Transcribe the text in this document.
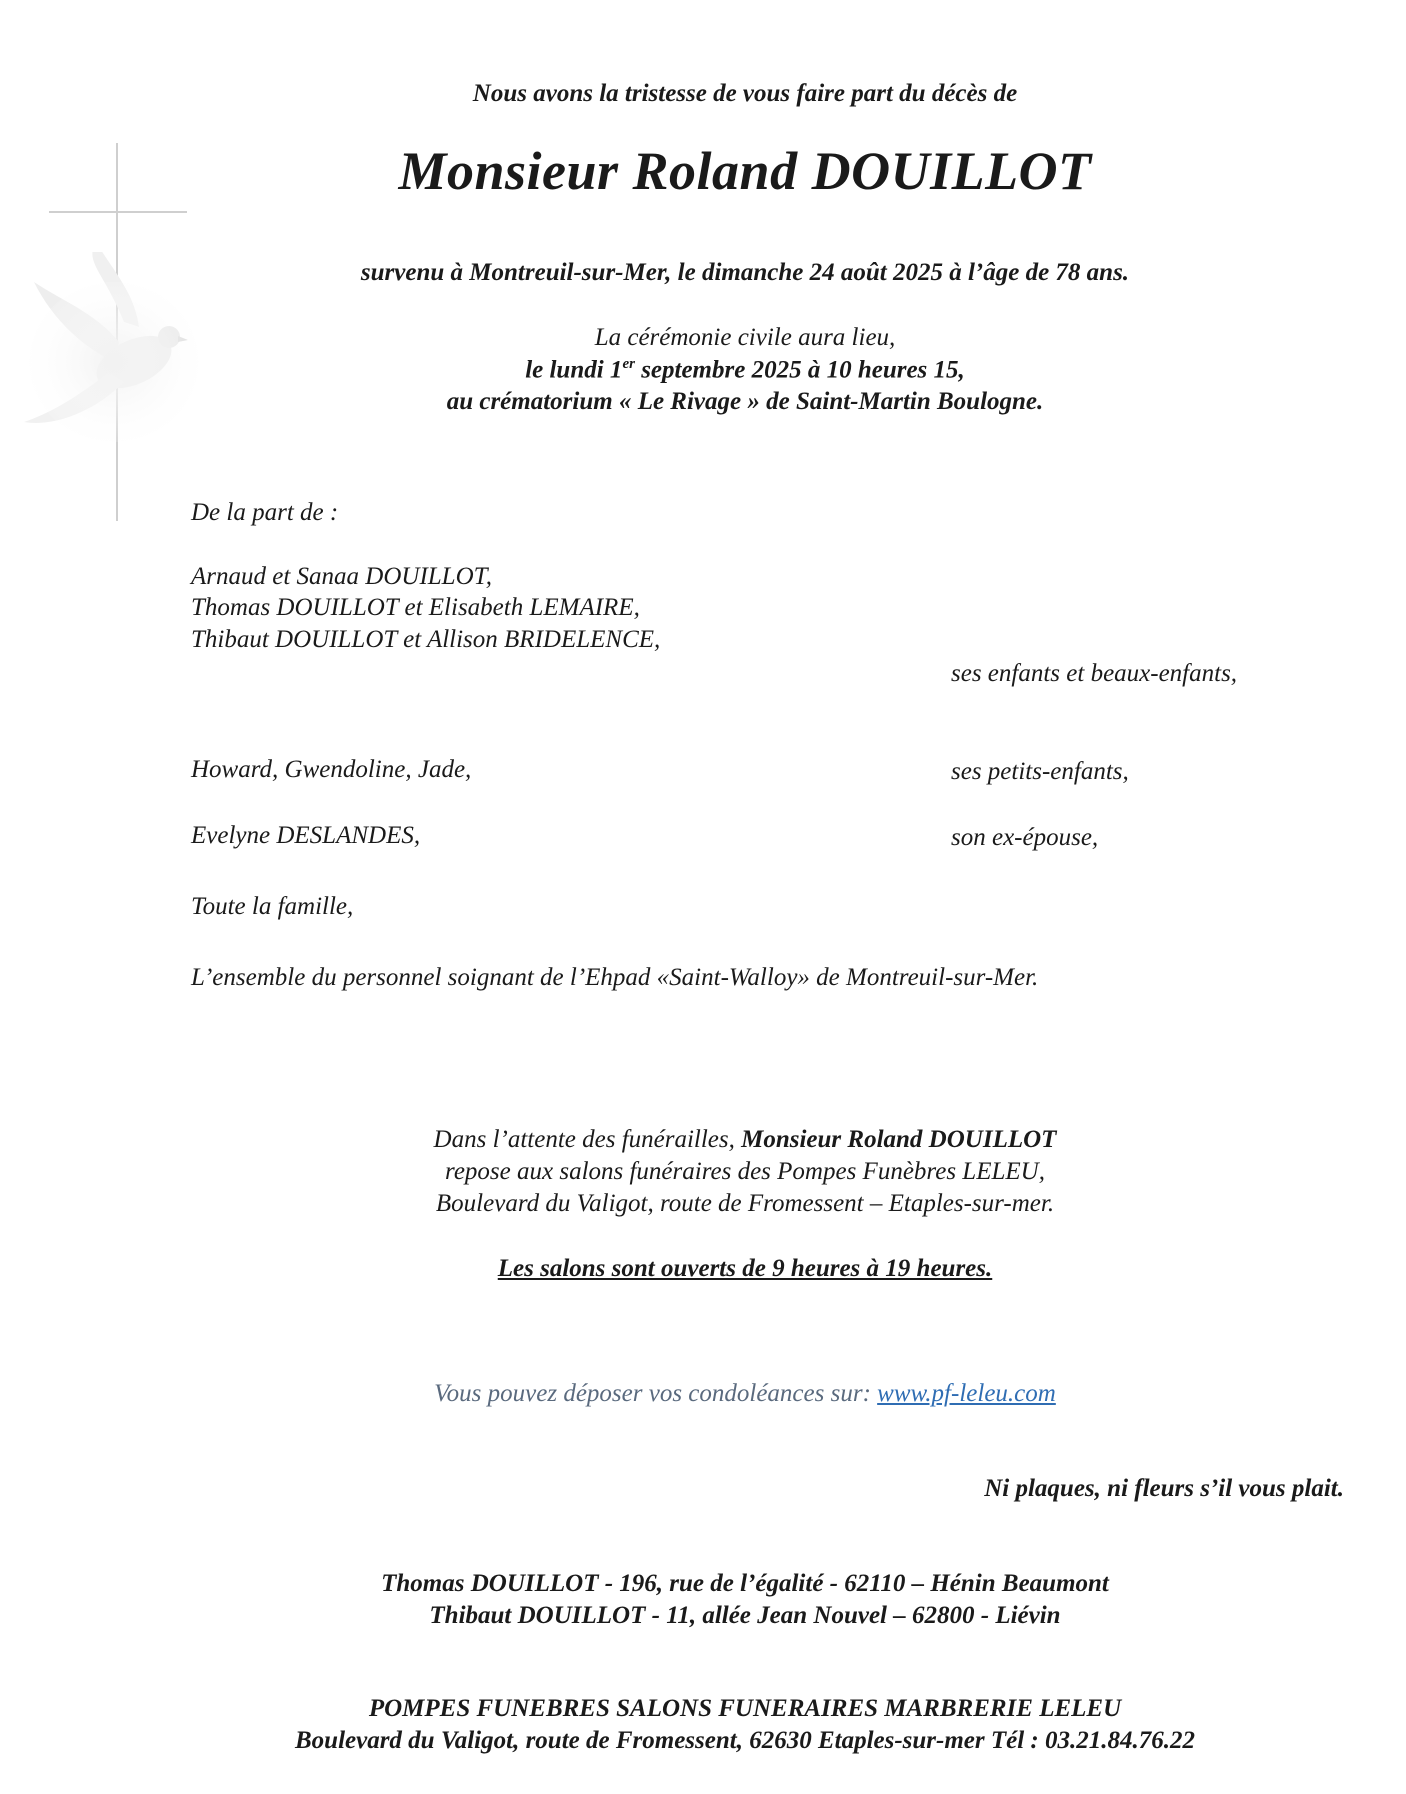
Nous avons la tristesse de vous faire part du décès de
Monsieur Roland DOUILLOT
survenu à Montreuil-sur-Mer, le dimanche 24 août 2025 à l’âge de 78 ans.
La cérémonie civile aura lieu,
le lundi 1er septembre 2025 à 10 heures 15,
au crématorium « Le Rivage » de Saint-Martin Boulogne.
De la part de :
Arnaud et Sanaa DOUILLOT,
Thomas DOUILLOT et Elisabeth LEMAIRE,
Thibaut DOUILLOT et Allison BRIDELENCE,
ses enfants et beaux-enfants,
Howard, Gwendoline, Jade,	ses petits-enfants,
Evelyne DESLANDES,	son ex-épouse,
Toute la famille,
L’ensemble du personnel soignant de l’Ehpad «Saint-Walloy» de Montreuil-sur-Mer.
Dans l’attente des funérailles, Monsieur Roland DOUILLOT
repose aux salons funéraires des Pompes Funèbres LELEU,
Boulevard du Valigot, route de Fromessent – Etaples-sur-mer.
Les salons sont ouverts de 9 heures à 19 heures.
Vous pouvez déposer vos condoléances sur: www.pf-leleu.com
Ni plaques, ni fleurs s’il vous plait.
Thomas DOUILLOT - 196, rue de l’égalité - 62110 – Hénin Beaumont
Thibaut DOUILLOT - 11, allée Jean Nouvel – 62800 - Liévin
POMPES FUNEBRES SALONS FUNERAIRES MARBRERIE LELEU
Boulevard du Valigot, route de Fromessent, 62630 Etaples-sur-mer Tél : 03.21.84.76.22
